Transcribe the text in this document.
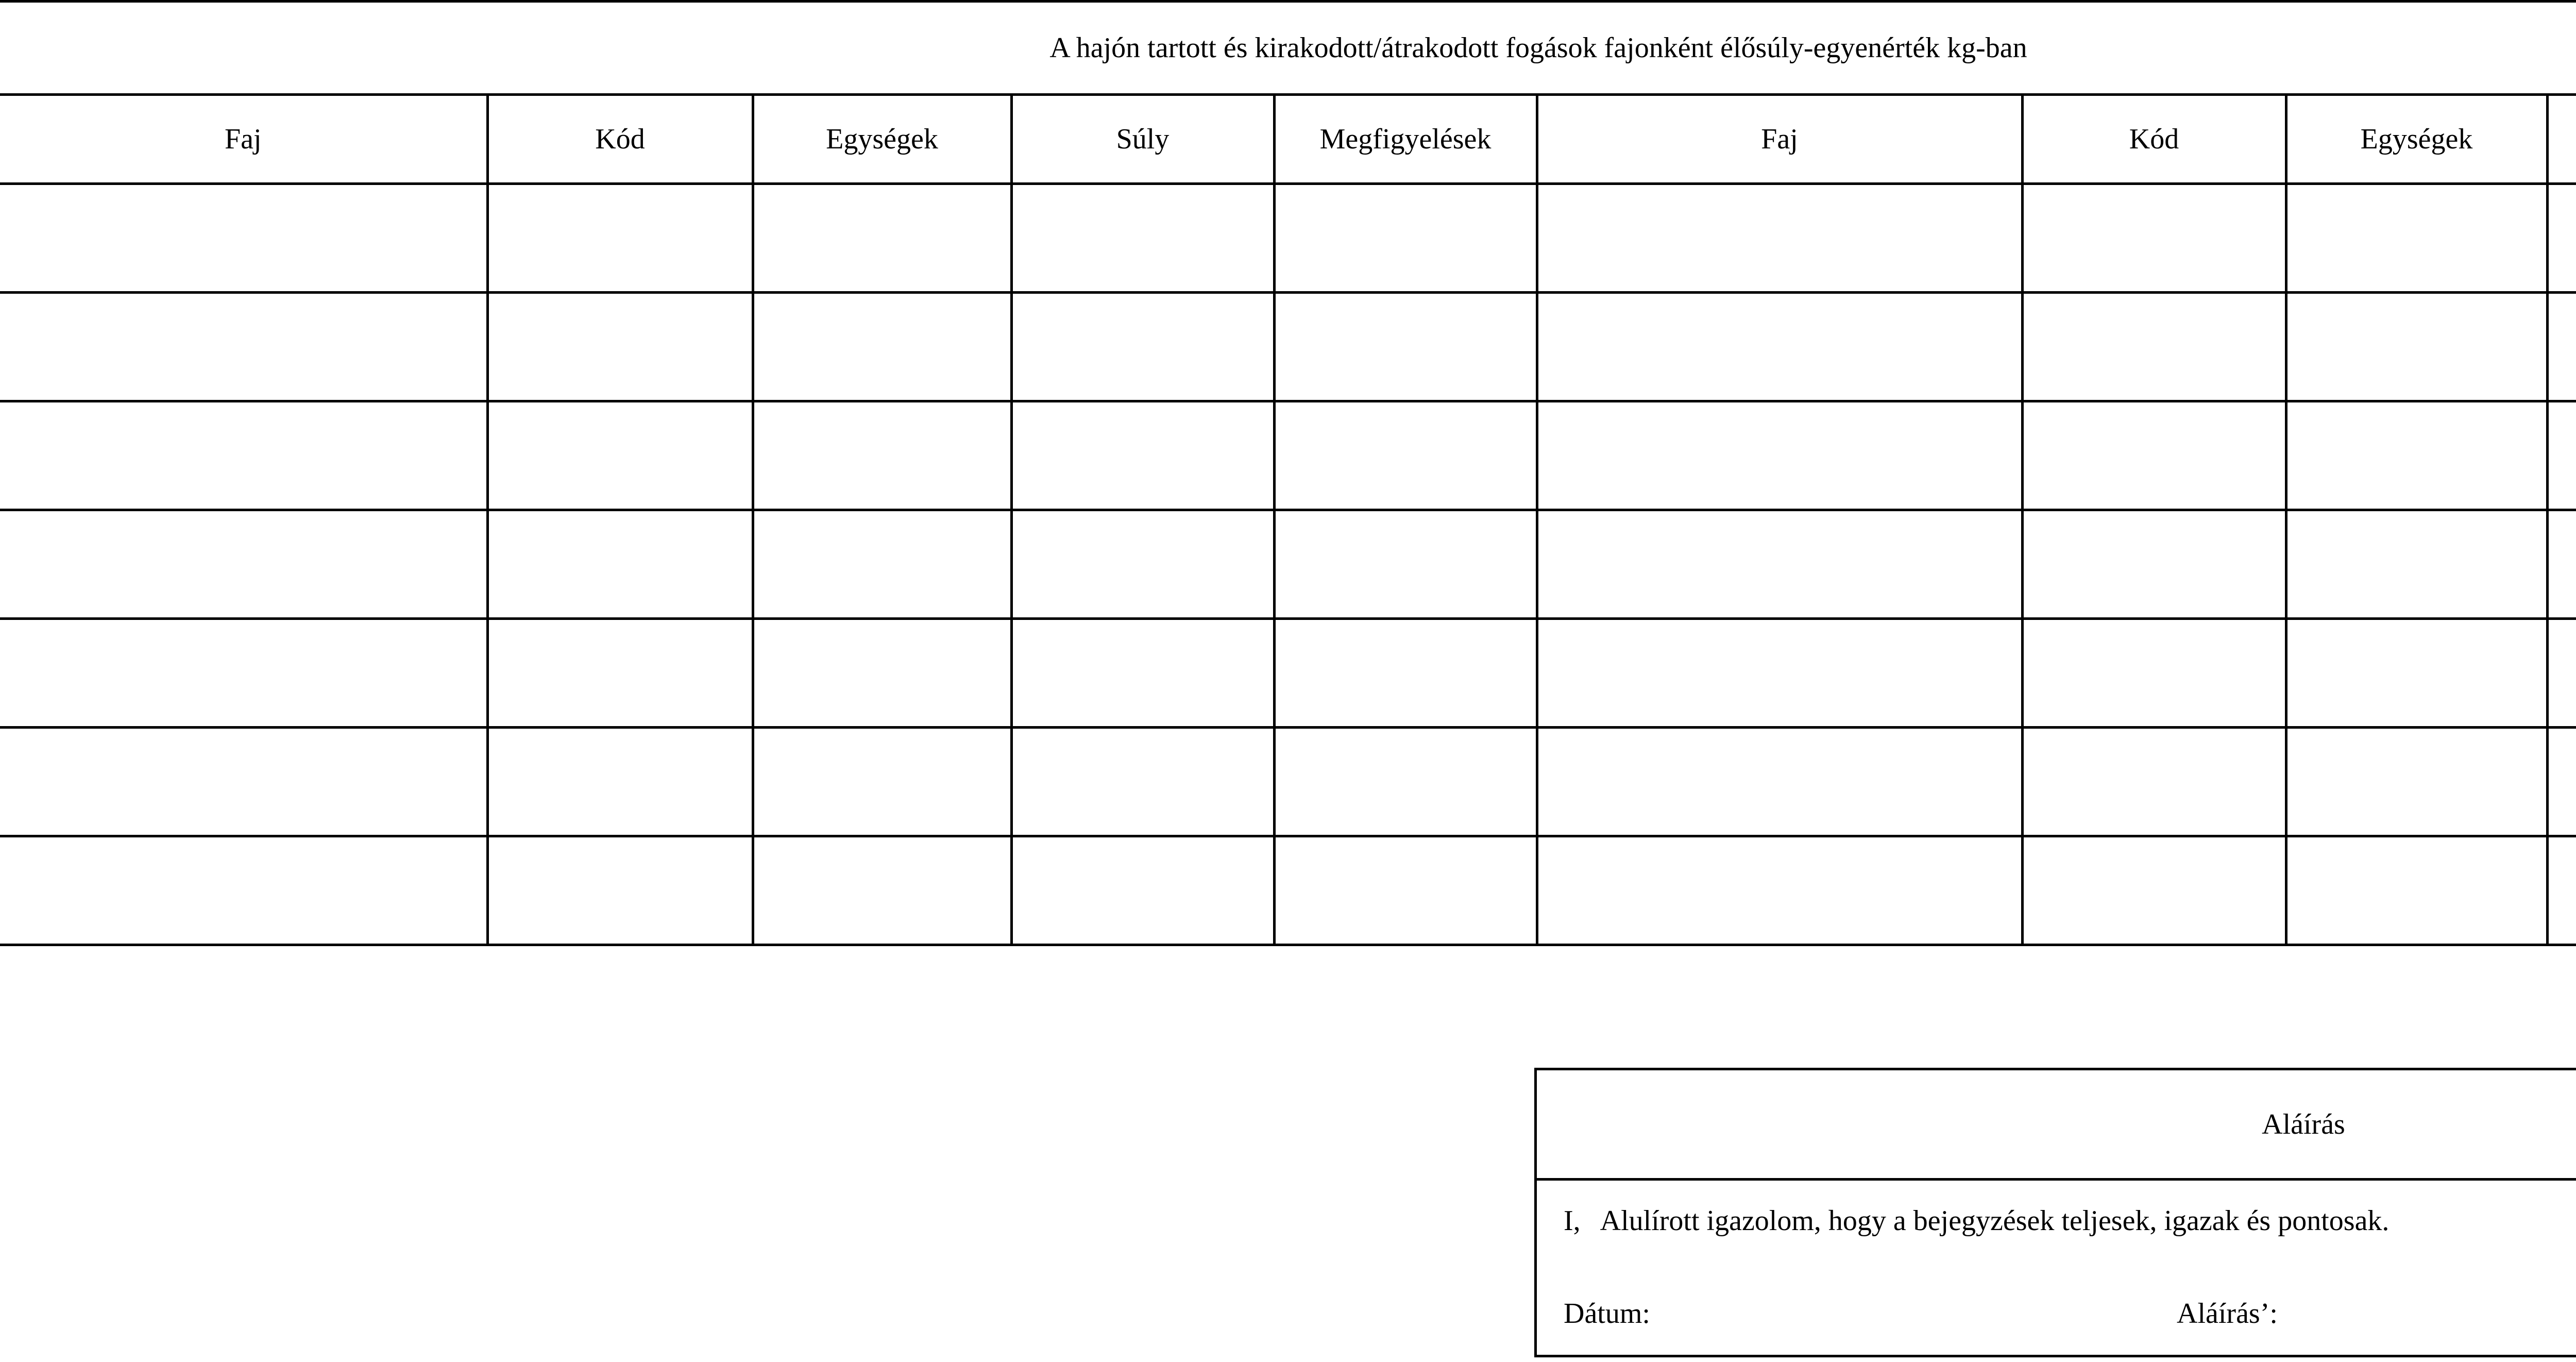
A hajón tartott és kirakodott/átrakodott fogások fajonként élősúly-egyenérték kg-ban									
Faj	Kód	Egységek	Súly	Megfigyelések	Faj	Kód	Egységek		

Aláírás
I, Alulírott igazolom, hogy a bejegyzések teljesek, igazak és pontosak.
Dátum:	Aláírás’:
